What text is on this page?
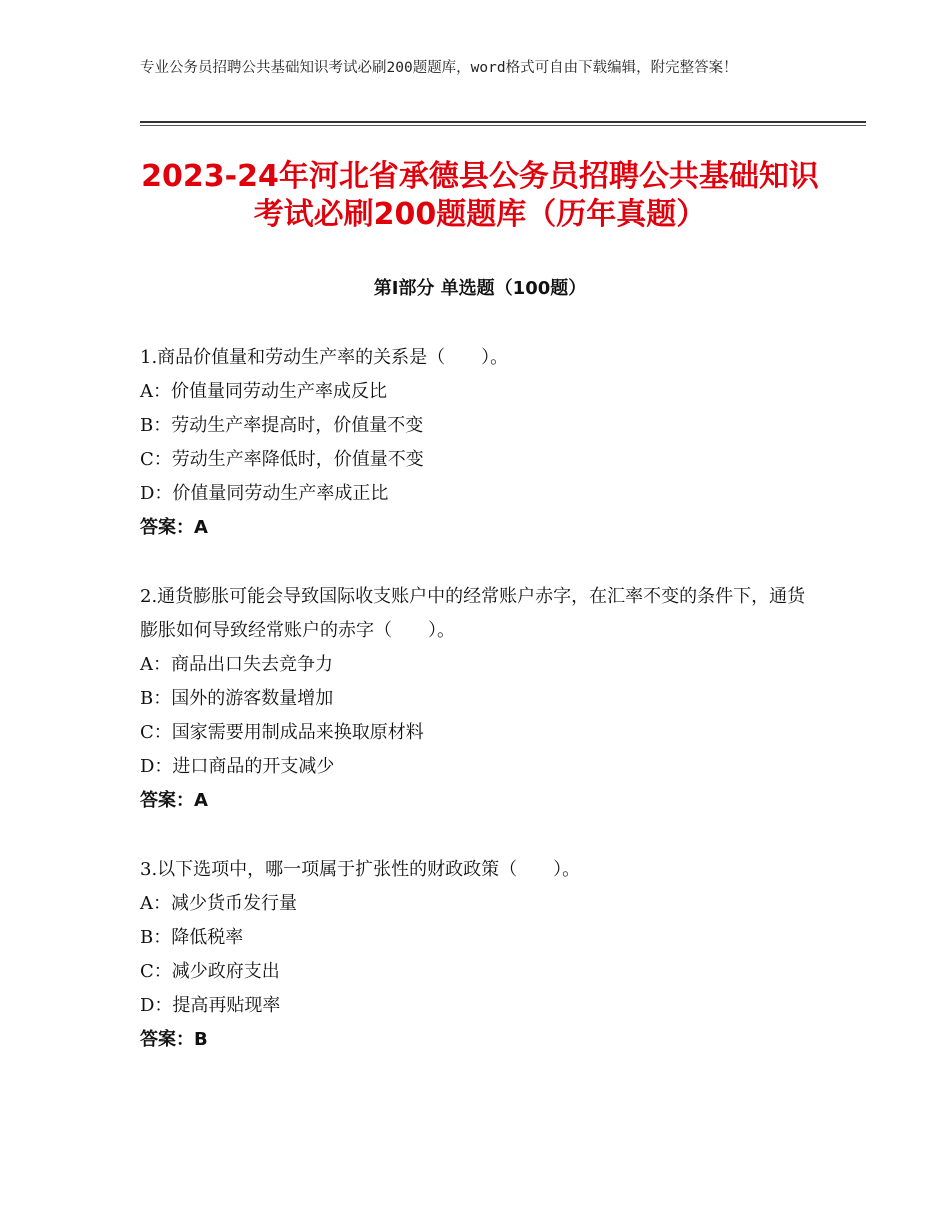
专业公务员招聘公共基础知识考试必刷200题题库，word格式可自由下载编辑，附完整答案！
2023-24年河北省承德县公务员招聘公共基础知识考试必刷200题题库（历年真题）
第Ⅰ部分 单选题（100题）

1.商品价值量和劳动生产率的关系是（　　）。

A：价值量同劳动生产率成反比

B：劳动生产率提高时，价值量不变

C：劳动生产率降低时，价值量不变

D：价值量同劳动生产率成正比

答案：A

2.通货膨胀可能会导致国际收支账户中的经常账户赤字，在汇率不变的条件下，通货膨胀如何导致经常账户的赤字（　　）。

A：商品出口失去竞争力

B：国外的游客数量增加

C：国家需要用制成品来换取原材料

D：进口商品的开支减少

答案：A

3.以下选项中，哪一项属于扩张性的财政政策（　　）。

A：减少货币发行量

B：降低税率

C：减少政府支出

D：提高再贴现率

答案：B
